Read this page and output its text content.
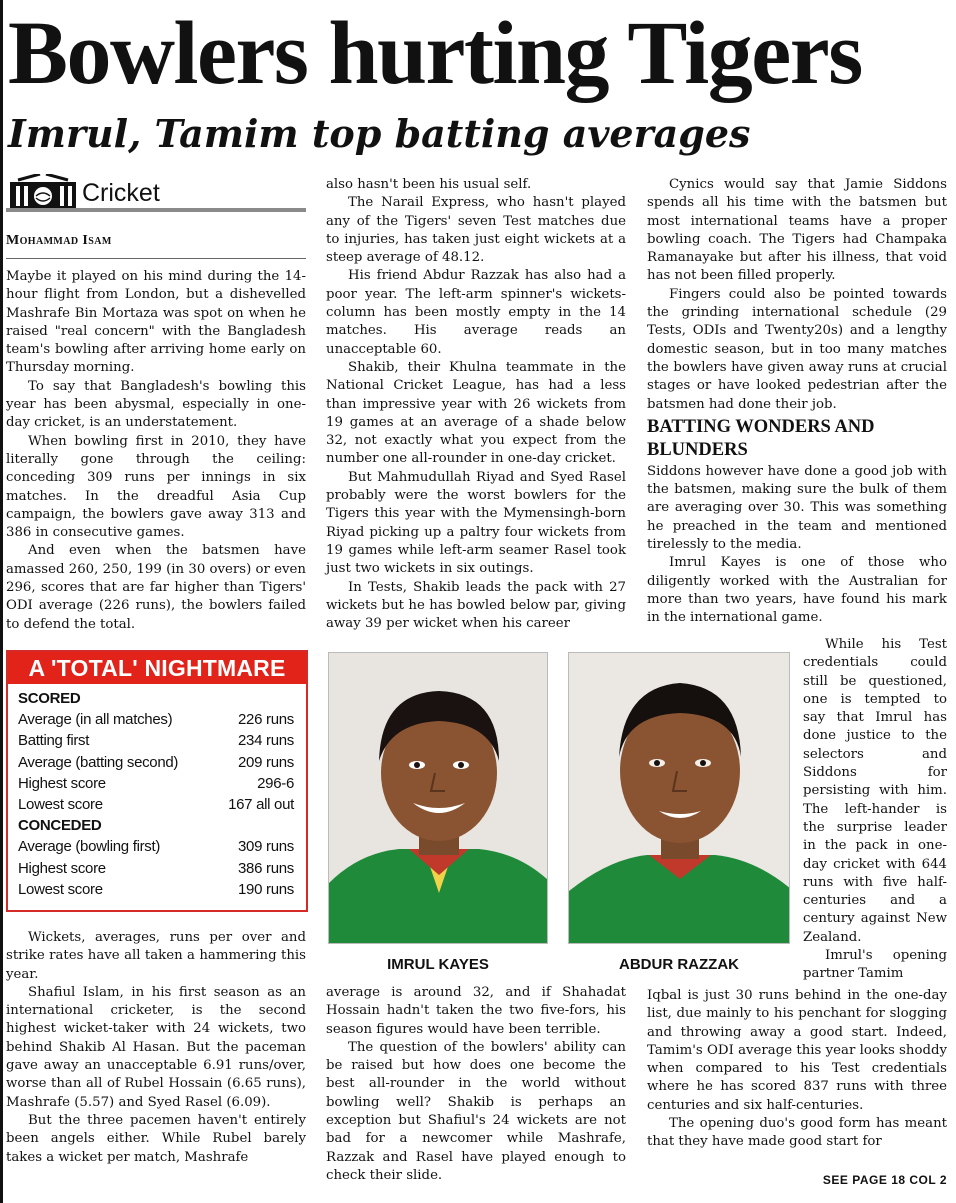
Bowlers hurting Tigers
Imrul, Tamim top batting averages
Cricket
Mohammad Isam

Maybe it played on his mind during the 14-hour flight from London, but a dishevelled Mashrafe Bin Mortaza was spot on when he raised "real concern" with the Bangladesh team's bowling after arriving home early on Thursday morning.

To say that Bangladesh's bowling this year has been abysmal, especially in one-day cricket, is an understatement.

When bowling first in 2010, they have literally gone through the ceiling: conceding 309 runs per innings in six matches. In the dreadful Asia Cup campaign, the bowlers gave away 313 and 386 in consecutive games.

And even when the batsmen have amassed 260, 250, 199 (in 30 overs) or even 296, scores that are far higher than Tigers' ODI average (226 runs), the bowlers failed to defend the total.

A 'TOTAL' NIGHTMARE
SCORED
Average (in all matches)	226 runs
Batting first	234 runs
Average (batting second)	209 runs
Highest score	296-6
Lowest score	167 all out
CONCEDED
Average (bowling first)	309 runs
Highest score	386 runs
Lowest score	190 runs

Wickets, averages, runs per over and strike rates have all taken a hammering this year.

Shafiul Islam, in his first season as an international cricketer, is the second highest wicket-taker with 24 wickets, two behind Shakib Al Hasan. But the paceman gave away an unacceptable 6.91 runs/over, worse than all of Rubel Hossain (6.65 runs), Mashrafe (5.57) and Syed Rasel (6.09).

But the three pacemen haven't entirely been angels either. While Rubel barely takes a wicket per match, Mashrafe

also hasn't been his usual self.

The Narail Express, who hasn't played any of the Tigers' seven Test matches due to injuries, has taken just eight wickets at a steep average of 48.12.

His friend Abdur Razzak has also had a poor year. The left-arm spinner's wickets-column has been mostly empty in the 14 matches. His average reads an unacceptable 60.

Shakib, their Khulna teammate in the National Cricket League, has had a less than impressive year with 26 wickets from 19 games at an average of a shade below 32, not exactly what you expect from the number one all-rounder in one-day cricket.

But Mahmudullah Riyad and Syed Rasel probably were the worst bowlers for the Tigers this year with the Mymensingh-born Riyad picking up a paltry four wickets from 19 games while left-arm seamer Rasel took just two wickets in six outings.

In Tests, Shakib leads the pack with 27 wickets but he has bowled below par, giving away 39 per wicket when his career

IMRUL KAYES	ABDUR RAZZAK

average is around 32, and if Shahadat Hossain hadn't taken the two five-fors, his season figures would have been terrible.

The question of the bowlers' ability can be raised but how does one become the best all-rounder in the world without bowling well? Shakib is perhaps an exception but Shafiul's 24 wickets are not bad for a newcomer while Mashrafe, Razzak and Rasel have played enough to check their slide.

Cynics would say that Jamie Siddons spends all his time with the batsmen but most international teams have a proper bowling coach. The Tigers had Champaka Ramanayake but after his illness, that void has not been filled properly.

Fingers could also be pointed towards the grinding international schedule (29 Tests, ODIs and Twenty20s) and a lengthy domestic season, but in too many matches the bowlers have given away runs at crucial stages or have looked pedestrian after the batsmen had done their job.

BATTING WONDERS AND BLUNDERS

Siddons however have done a good job with the batsmen, making sure the bulk of them are averaging over 30. This was something he preached in the team and mentioned tirelessly to the media.

Imrul Kayes is one of those who diligently worked with the Australian for more than two years, have found his mark in the international game.

While his Test credentials could still be questioned, one is tempted to say that Imrul has done justice to the selectors and Siddons for persisting with him. The left-hander is the surprise leader in the pack in one-day cricket with 644 runs with five half-centuries and a century against New Zealand.

Imrul's opening partner Tamim

Iqbal is just 30 runs behind in the one-day list, due mainly to his penchant for slogging and throwing away a good start. Indeed, Tamim's ODI average this year looks shoddy when compared to his Test credentials where he has scored 837 runs with three centuries and six half-centuries.

The opening duo's good form has meant that they have made good start for

SEE PAGE 18 COL 2
